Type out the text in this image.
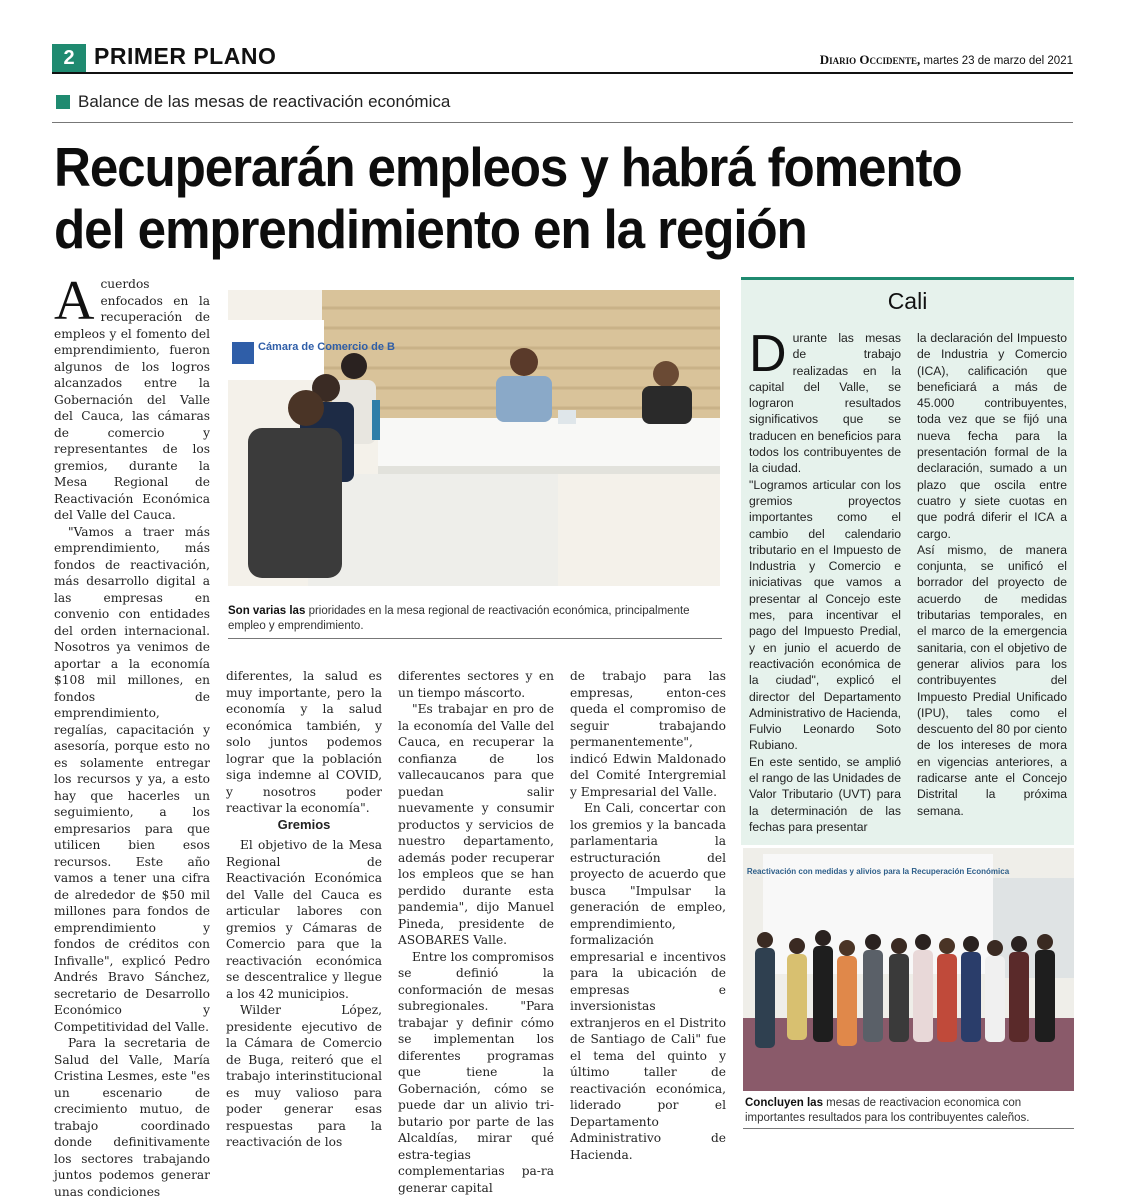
2 PRIMER PLANO	Diario Occidente, martes 23 de marzo del 2021
Balance de las mesas de reactivación económica
Recuperarán empleos y habrá fomento
del emprendimiento en la región

Acuerdos enfocados en la recuperación de empleos y el fomento del emprendimiento, fueron algunos de los logros alcanzados entre la Gobernación del Valle del Cauca, las cámaras de comercio y representantes de los gremios, durante la Mesa Regional de Reactivación Económica del Valle del Cauca.

"Vamos a traer más emprendimiento, más fondos de reactivación, más desarrollo digital a las empresas en convenio con entidades del orden internacional. Nosotros ya venimos de aportar a la economía $108 mil millones, en fondos de emprendimiento, regalías, capacitación y asesoría, porque esto no es solamente entregar los recursos y ya, a esto hay que hacerles un seguimiento, a los empresarios para que utilicen bien esos recursos. Este año vamos a tener una cifra de alrededor de $50 mil millones para fondos de emprendimiento y fondos de créditos con Infivalle", explicó Pedro Andrés Bravo Sánchez, secretario de Desarrollo Económico y Competitividad del Valle.

Para la secretaria de Salud del Valle, María Cristina Lesmes, este "es un escenario de crecimiento mutuo, de trabajo coordinado donde definitivamente los sectores trabajando juntos podemos generar unas condiciones

Cámara de Comercio de B
Son varias las prioridades en la mesa regional de reactivación económica, principalmente empleo y emprendimiento.

diferentes, la salud es muy importante, pero la economía y la salud económica también, y solo juntos podemos lograr que la población siga indemne al COVID, y nosotros poder reactivar la economía".

Gremios

El objetivo de la Mesa Regional de Reactivación Económica del Valle del Cauca es articular labores con gremios y Cámaras de Comercio para que la reactivación económica se descentralice y llegue a los 42 municipios.

Wilder López, presidente ejecutivo de la Cámara de Comercio de Buga, reiteró que el trabajo interinstitucional es muy valioso para poder generar esas respuestas para la reactivación de los

diferentes sectores y en un tiempo máscorto.

"Es trabajar en pro de la economía del Valle del Cauca, en recuperar la confianza de los vallecaucanos para que puedan salir nuevamente y consumir productos y servicios de nuestro departamento, además poder recuperar los empleos que se han perdido durante esta pandemia", dijo Manuel Pineda, presidente de ASOBARES Valle.

Entre los compromisos se definió la conformación de mesas subregionales. "Para trabajar y definir cómo se implementan los diferentes programas que tiene la Gobernación, cómo se puede dar un alivio tri-butario por parte de las Alcaldías, mirar qué estra-tegias complementarias pa-ra generar capital

de trabajo para las empresas, enton-ces queda el compromiso de seguir trabajando permanentemente", indicó Edwin Maldonado del Comité Intergremial y Empresarial del Valle.

En Cali, concertar con los gremios y la bancada parlamentaria la estructuración del proyecto de acuerdo que busca "Impulsar la generación de empleo, emprendimiento, formalización empresarial e incentivos para la ubicación de empresas e inversionistas extranjeros en el Distrito de Santiago de Cali" fue el tema del quinto y último taller de reactivación económica, liderado por el Departamento Administrativo de Hacienda.

Cali

Durante las mesas de trabajo realizadas en la capital del Valle, se lograron resultados significativos que se traducen en beneficios para todos los contribuyentes de la ciudad.

"Logramos articular con los gremios proyectos importantes como el cambio del calendario tributario en el Impuesto de Industria y Comercio e iniciativas que vamos a presentar al Concejo este mes, para incentivar el pago del Impuesto Predial, y en junio el acuerdo de reactivación económica de la ciudad", explicó el director del Departamento Administrativo de Hacienda, Fulvio Leonardo Soto Rubiano.

En este sentido, se amplió el rango de las Unidades de Valor Tributario (UVT) para la determinación de las fechas para presentar

la declaración del Impuesto de Industria y Comercio (ICA), calificación que beneficiará a más de 45.000 contribuyentes, toda vez que se fijó una nueva fecha para la presentación formal de la declaración, sumado a un plazo que oscila entre cuatro y siete cuotas en que podrá diferir el ICA a cargo.

Así mismo, de manera conjunta, se unificó el borrador del proyecto de acuerdo de medidas tributarias temporales, en el marco de la emergencia sanitaria, con el objetivo de generar alivios para los contribuyentes del Impuesto Predial Unificado (IPU), tales como el descuento del 80 por ciento de los intereses de mora en vigencias anteriores, a radicarse ante el Concejo Distrital la próxima semana.

Reactivación con medidas y alivios para la Recuperación Económica
Concluyen las mesas de reactivacion economica con importantes resultados para los contribuyentes caleños.
